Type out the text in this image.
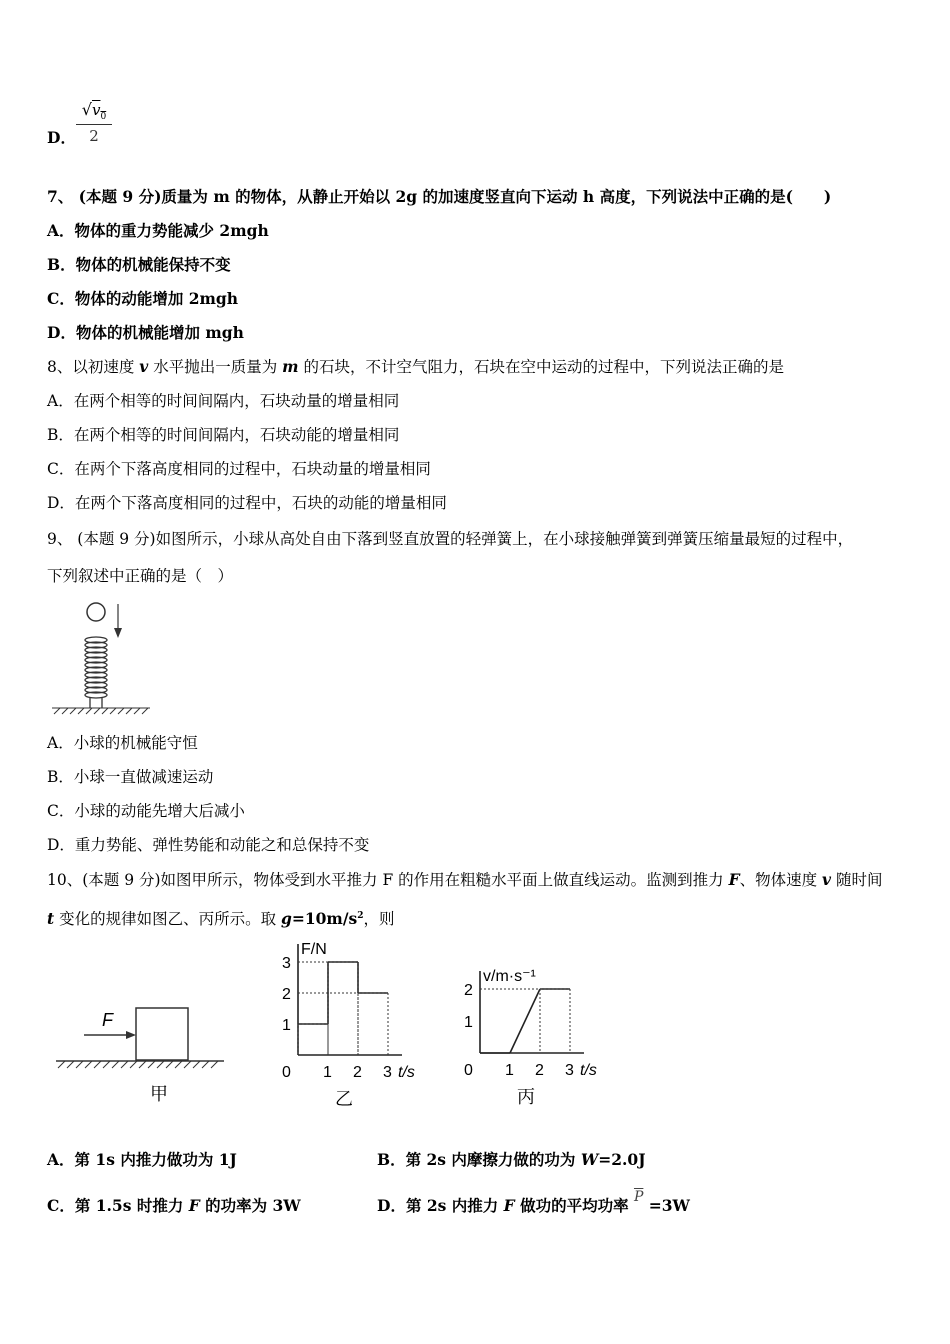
D． $\frac{√v_0}{2}$
7、 (本题 9 分)质量为 m 的物体，从静止开始以 2g 的加速度竖直向下运动 h 高度，下列说法中正确的是(　　)
A．物体的重力势能减少 2mgh
B．物体的机械能保持不变
C．物体的动能增加 2mgh
D．物体的机械能增加 mgh
8、以初速度 v 水平抛出一质量为 m 的石块，不计空气阻力，石块在空中运动的过程中，下列说法正确的是
A．在两个相等的时间间隔内，石块动量的增量相同
B．在两个相等的时间间隔内，石块动能的增量相同
C．在两个下落高度相同的过程中，石块动量的增量相同
D．在两个下落高度相同的过程中，石块的动能的增量相同
9、 (本题 9 分)如图所示，小球从高处自由下落到竖直放置的轻弹簧上，在小球接触弹簧到弹簧压缩量最短的过程中，
下列叙述中正确的是（　）
A．小球的机械能守恒
B．小球一直做减速运动
C．小球的动能先增大后减小
D．重力势能、弹性势能和动能之和总保持不变
10、(本题 9 分)如图甲所示，物体受到水平推力 F 的作用在粗糙水平面上做直线运动。监测到推力 F、物体速度 v 随时间
t 变化的规律如图乙、丙所示。取 $g=10m/s^2$，则
F
甲
F/N
t/s
0 1 2 3
1
2
3
乙
v/m·s⁻¹
t/s
0 1 2 3
1
2
丙
A．第 1s 内推力做功为 1J	B．第 2s 内摩擦力做的功为 W=2.0J
C．第 1.5s 时推力 F 的功率为 3W	D．第 2s 内推力 F 做功的平均功率 $\overline{P} =3W$
